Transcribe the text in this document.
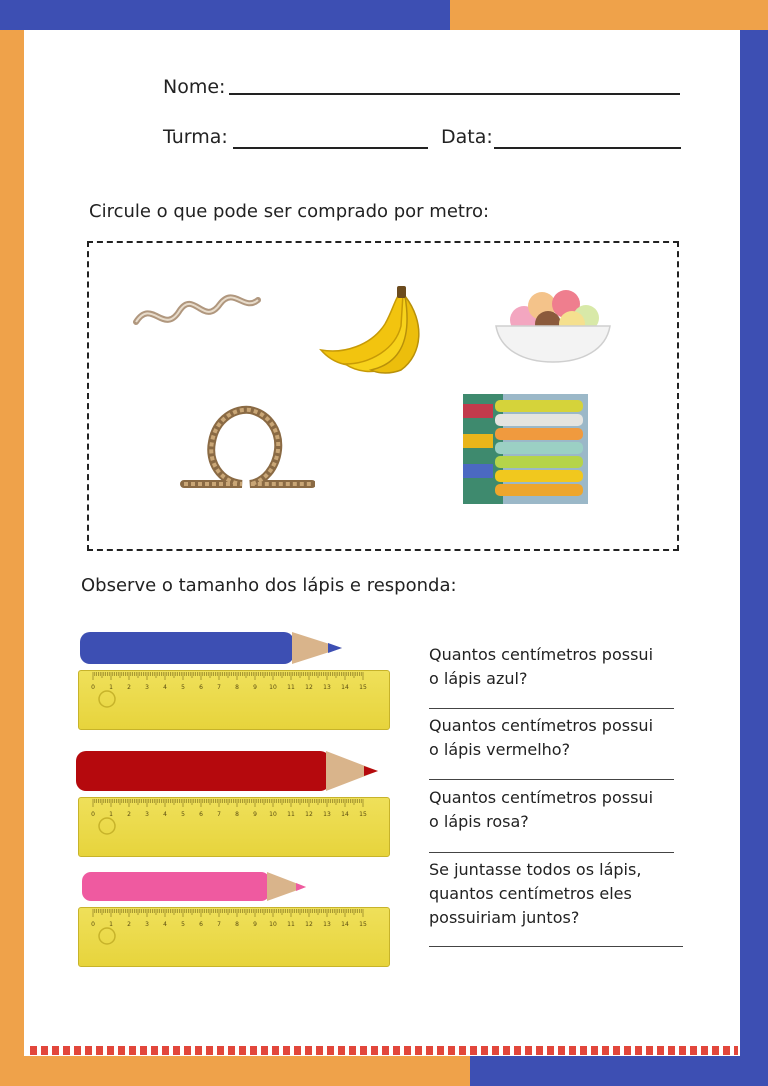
Nome:
Turma:	Data:
Circule o que pode ser comprado por metro:
Observe o tamanho dos lápis e responda:
0 1 2 3 4 5 6 7 8 9 10 11 12 13 14 15
0 1 2 3 4 5 6 7 8 9 10 11 12 13 14 15
0 1 2 3 4 5 6 7 8 9 10 11 12 13 14 15
Quantos centímetros possui
o lápis azul?
Quantos centímetros possui
o lápis vermelho?
Quantos centímetros possui
o lápis rosa?
Se juntasse todos os lápis,
quantos centímetros eles
possuiriam juntos?
